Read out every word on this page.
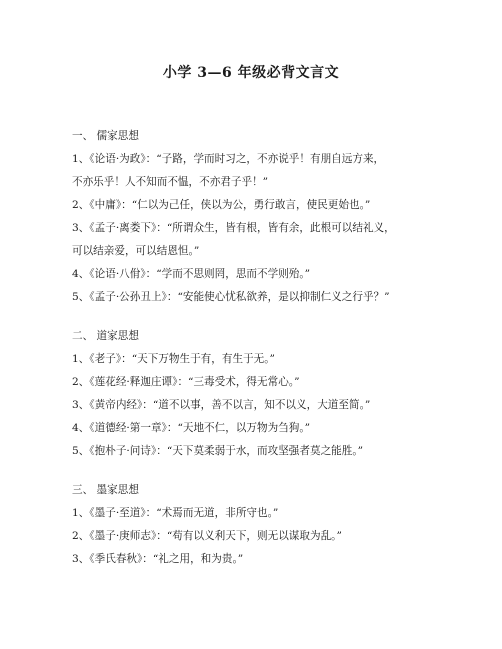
小学 3—6 年级必背文言文
一、 儒家思想
1、《论语·为政》：“子路，学而时习之，不亦说乎！有朋自远方来，
不亦乐乎！人不知而不愠，不亦君子乎！”
2、《中庸》：“仁以为己任，侠以为公，勇行敢言，使民更始也。”
3、《孟子·离娄下》：“所谓众生，皆有根，皆有余，此根可以结礼义，
可以结亲爱，可以结恩怛。”
4、《论语·八佾》：“学而不思则罔，思而不学则殆。”
5、《孟子·公孙丑上》：“安能使心忧私欲养，是以抑制仁义之行乎？”
二、 道家思想
1、《老子》：“天下万物生于有，有生于无。”
2、《莲花经·释迦庄谭》：“三毒受术，得无常心。”
3、《黄帝内经》：“道不以事，善不以言，知不以义，大道至简。”
4、《道德经·第一章》：“天地不仁，以万物为刍狗。”
5、《抱朴子·问诗》：“天下莫柔弱于水，而攻坚强者莫之能胜。”
三、 墨家思想
1、《墨子·至道》：“术焉而无道，非所守也。”
2、《墨子·庚师志》：“苟有以义利天下，则无以谋取为乱。”
3、《季氏春秋》：“礼之用，和为贵。”
